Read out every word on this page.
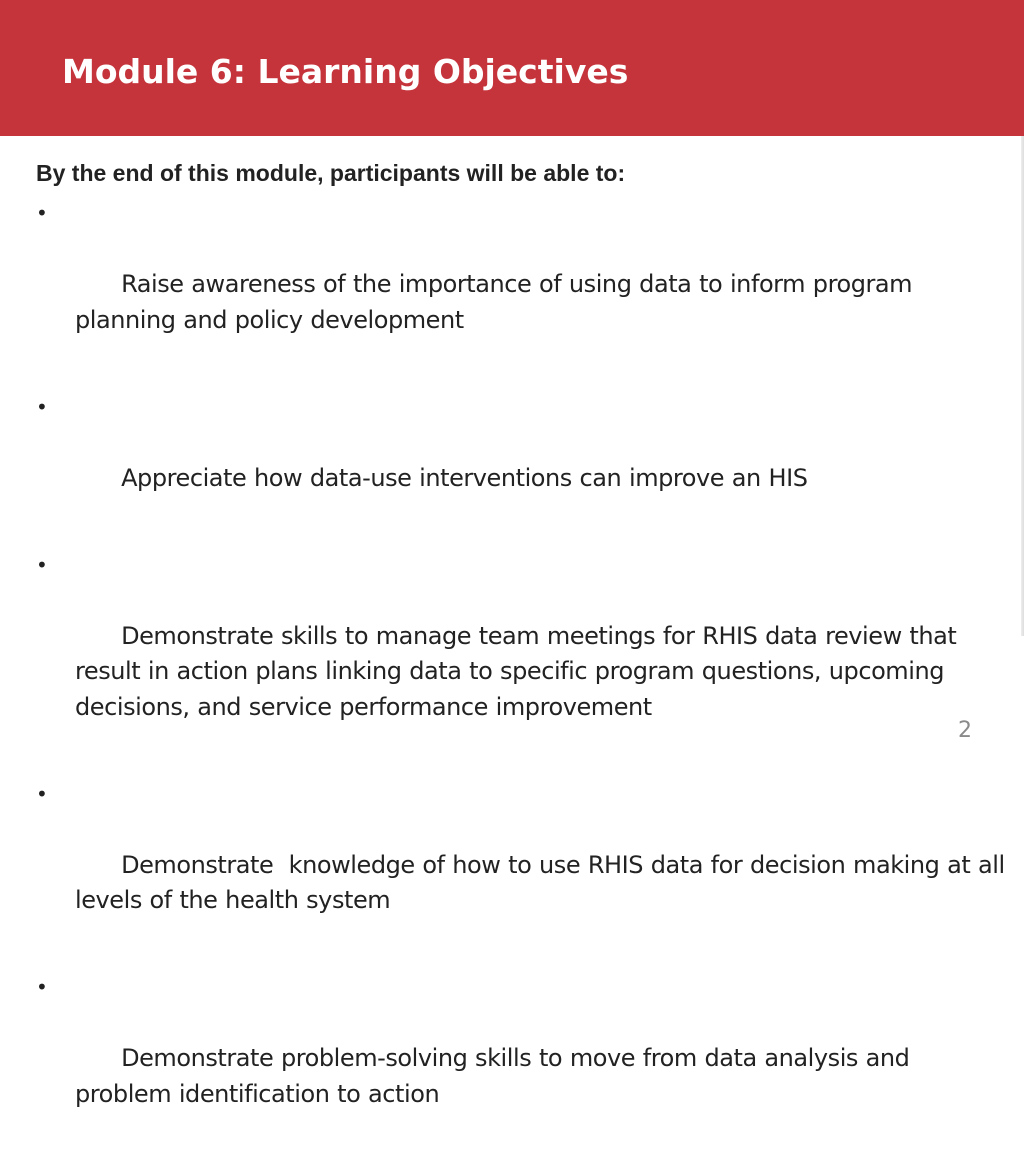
Module 6: Learning Objectives

By the end of this module, participants will be able to:

•

Raise awareness of the importance of using data to inform program planning and policy development

•

Appreciate how data-use interventions can improve an HIS

•

Demonstrate skills to manage team meetings for RHIS data review that result in action plans linking data to specific program questions, upcoming decisions, and service performance improvement

•

Demonstrate  knowledge of how to use RHIS data for decision making at all levels of the health system

•

Demonstrate problem-solving skills to move from data analysis and problem identification to action

2
